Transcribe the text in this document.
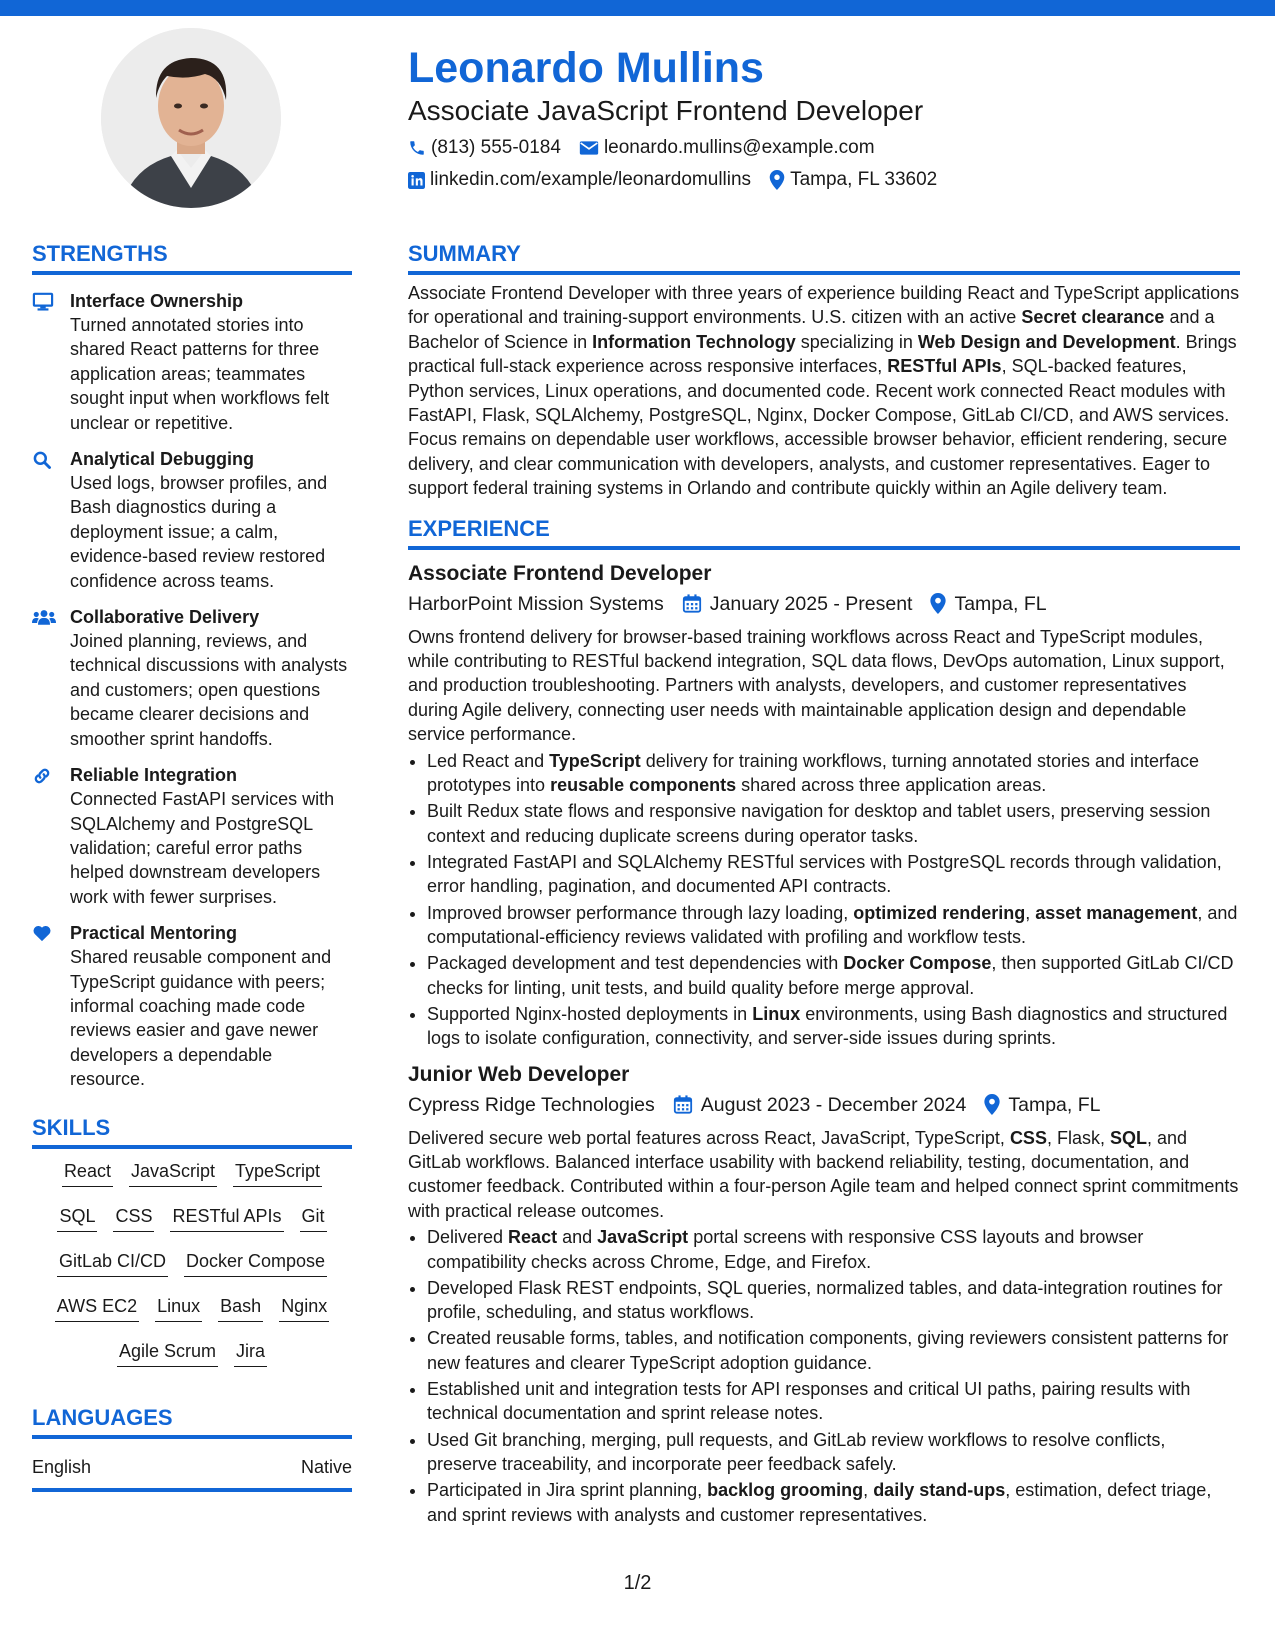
Leonardo Mullins
Associate JavaScript Frontend Developer
(813) 555-0184 leonardo.mullins@example.com
linkedin.com/example/leonardomullins Tampa, FL 33602
STRENGTHS
Interface Ownership
Turned annotated stories into shared React patterns for three application areas; teammates sought input when workflows felt unclear or repetitive.
Analytical Debugging
Used logs, browser profiles, and Bash diagnostics during a deployment issue; a calm, evidence-based review restored confidence across teams.
Collaborative Delivery
Joined planning, reviews, and technical discussions with analysts and customers; open questions became clearer decisions and smoother sprint handoffs.
Reliable Integration
Connected FastAPI services with SQLAlchemy and PostgreSQL validation; careful error paths helped downstream developers work with fewer surprises.
Practical Mentoring
Shared reusable component and TypeScript guidance with peers; informal coaching made code reviews easier and gave newer developers a dependable resource.
SKILLS
React JavaScript TypeScript
SQL CSS RESTful APIs Git
GitLab CI/CD Docker Compose
AWS EC2 Linux Bash Nginx
Agile Scrum Jira
LANGUAGES
English	Native
SUMMARY
Associate Frontend Developer with three years of experience building React and TypeScript applications for operational and training-support environments. U.S. citizen with an active Secret clearance and a Bachelor of Science in Information Technology specializing in Web Design and Development. Brings practical full-stack experience across responsive interfaces, RESTful APIs, SQL-backed features, Python services, Linux operations, and documented code. Recent work connected React modules with FastAPI, Flask, SQLAlchemy, PostgreSQL, Nginx, Docker Compose, GitLab CI/CD, and AWS services. Focus remains on dependable user workflows, accessible browser behavior, efficient rendering, secure delivery, and clear communication with developers, analysts, and customer representatives. Eager to support federal training systems in Orlando and contribute quickly within an Agile delivery team.
EXPERIENCE
Associate Frontend Developer
HarborPoint Mission Systems January 2025 - Present Tampa, FL
Owns frontend delivery for browser-based training workflows across React and TypeScript modules, while contributing to RESTful backend integration, SQL data flows, DevOps automation, Linux support, and production troubleshooting. Partners with analysts, developers, and customer representatives during Agile delivery, connecting user needs with maintainable application design and dependable service performance.
• Led React and TypeScript delivery for training workflows, turning annotated stories and interface prototypes into reusable components shared across three application areas.
• Built Redux state flows and responsive navigation for desktop and tablet users, preserving session context and reducing duplicate screens during operator tasks.
• Integrated FastAPI and SQLAlchemy RESTful services with PostgreSQL records through validation, error handling, pagination, and documented API contracts.
• Improved browser performance through lazy loading, optimized rendering, asset management, and computational-efficiency reviews validated with profiling and workflow tests.
• Packaged development and test dependencies with Docker Compose, then supported GitLab CI/CD checks for linting, unit tests, and build quality before merge approval.
• Supported Nginx-hosted deployments in Linux environments, using Bash diagnostics and structured logs to isolate configuration, connectivity, and server-side issues during sprints.
Junior Web Developer
Cypress Ridge Technologies August 2023 - December 2024 Tampa, FL
Delivered secure web portal features across React, JavaScript, TypeScript, CSS, Flask, SQL, and GitLab workflows. Balanced interface usability with backend reliability, testing, documentation, and customer feedback. Contributed within a four-person Agile team and helped connect sprint commitments with practical release outcomes.
• Delivered React and JavaScript portal screens with responsive CSS layouts and browser compatibility checks across Chrome, Edge, and Firefox.
• Developed Flask REST endpoints, SQL queries, normalized tables, and data-integration routines for profile, scheduling, and status workflows.
• Created reusable forms, tables, and notification components, giving reviewers consistent patterns for new features and clearer TypeScript adoption guidance.
• Established unit and integration tests for API responses and critical UI paths, pairing results with technical documentation and sprint release notes.
• Used Git branching, merging, pull requests, and GitLab review workflows to resolve conflicts, preserve traceability, and incorporate peer feedback safely.
• Participated in Jira sprint planning, backlog grooming, daily stand-ups, estimation, defect triage, and sprint reviews with analysts and customer representatives.
1/2
